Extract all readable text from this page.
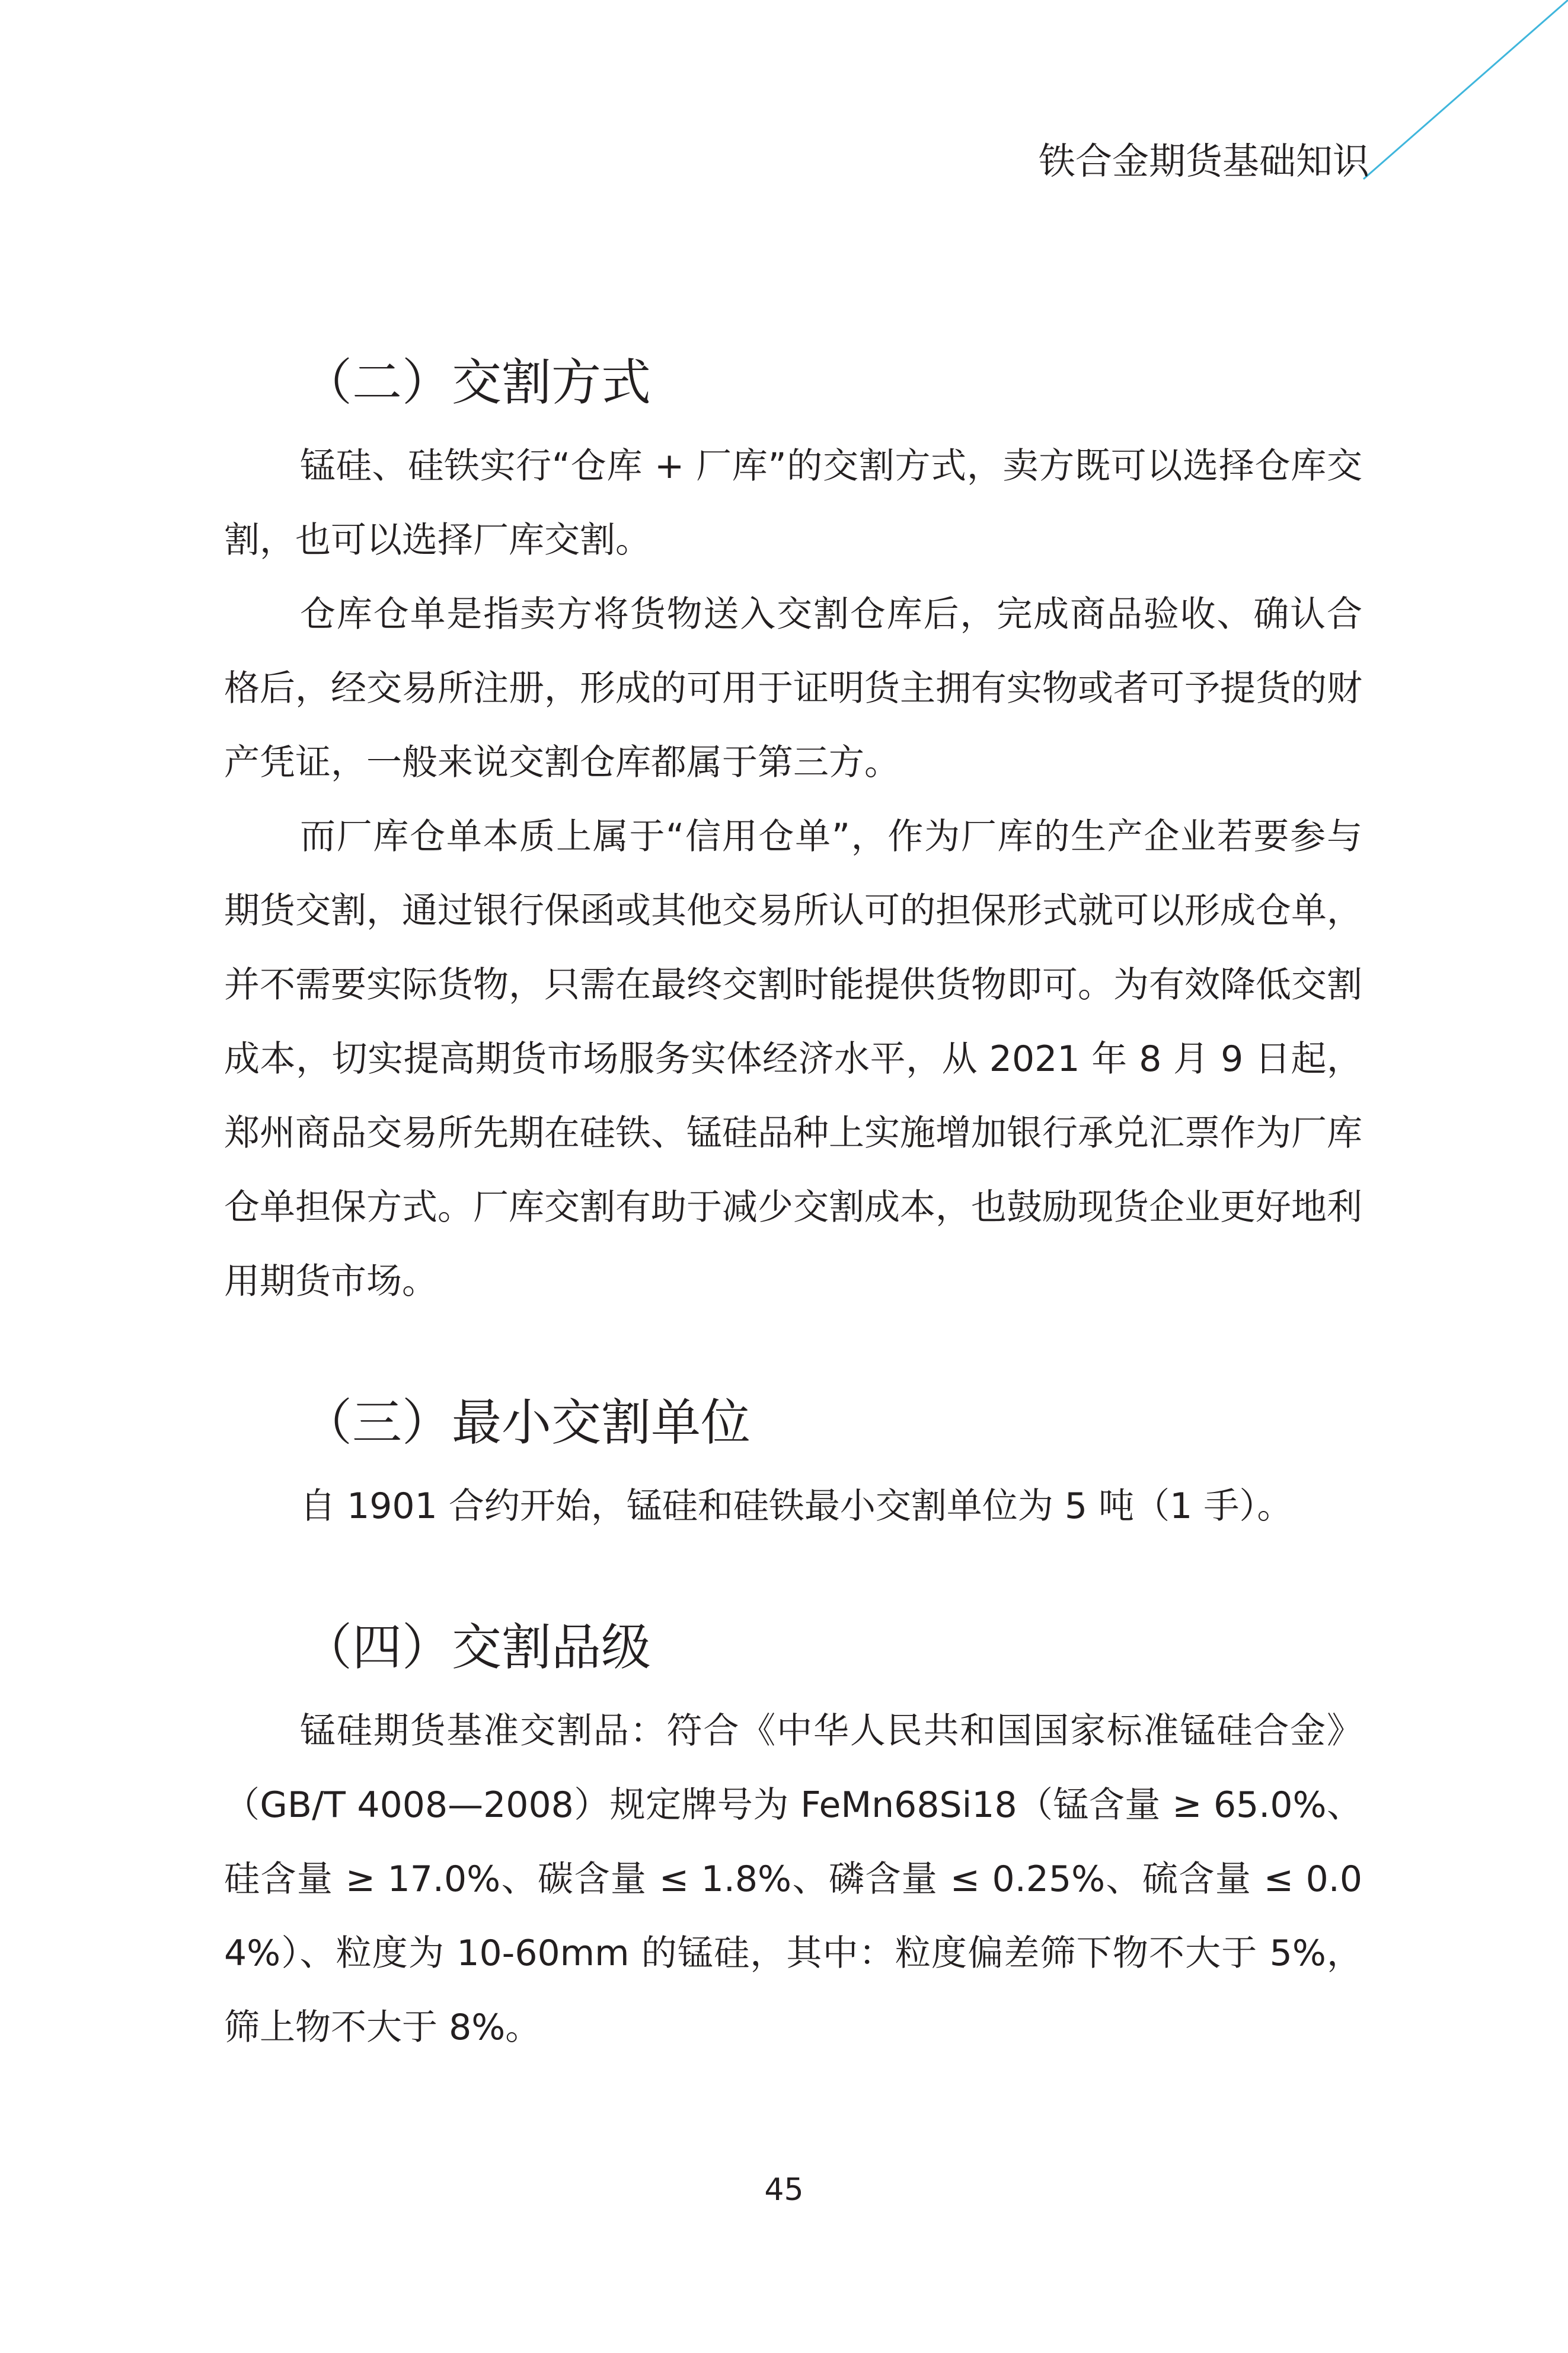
铁合金期货基础知识
（二）交割方式

锰硅、硅铁实行“仓库 + 厂库”的交割方式，卖方既可以选择仓库交割，也可以选择厂库交割。

仓库仓单是指卖方将货物送入交割仓库后，完成商品验收、确认合格后，经交易所注册，形成的可用于证明货主拥有实物或者可予提货的财产凭证，一般来说交割仓库都属于第三方。

而厂库仓单本质上属于“信用仓单”，作为厂库的生产企业若要参与期货交割，通过银行保函或其他交易所认可的担保形式就可以形成仓单，并不需要实际货物，只需在最终交割时能提供货物即可。为有效降低交割成本，切实提高期货市场服务实体经济水平，从 2021 年 8 月 9 日起，郑州商品交易所先期在硅铁、锰硅品种上实施增加银行承兑汇票作为厂库仓单担保方式。厂库交割有助于减少交割成本，也鼓励现货企业更好地利用期货市场。

（三）最小交割单位

自 1901 合约开始，锰硅和硅铁最小交割单位为 5 吨（1 手）。

（四）交割品级

锰硅期货基准交割品：符合《中华人民共和国国家标准锰硅合金》（GB/T 4008—2008）规定牌号为 FeMn68Si18（锰含量 ≥ 65.0%、硅含量 ≥ 17.0%、碳含量 ≤ 1.8%、磷含量 ≤ 0.25%、硫含量 ≤ 0.04%）、粒度为 10-60mm 的锰硅，其中：粒度偏差筛下物不大于 5%，筛上物不大于 8%。

45
